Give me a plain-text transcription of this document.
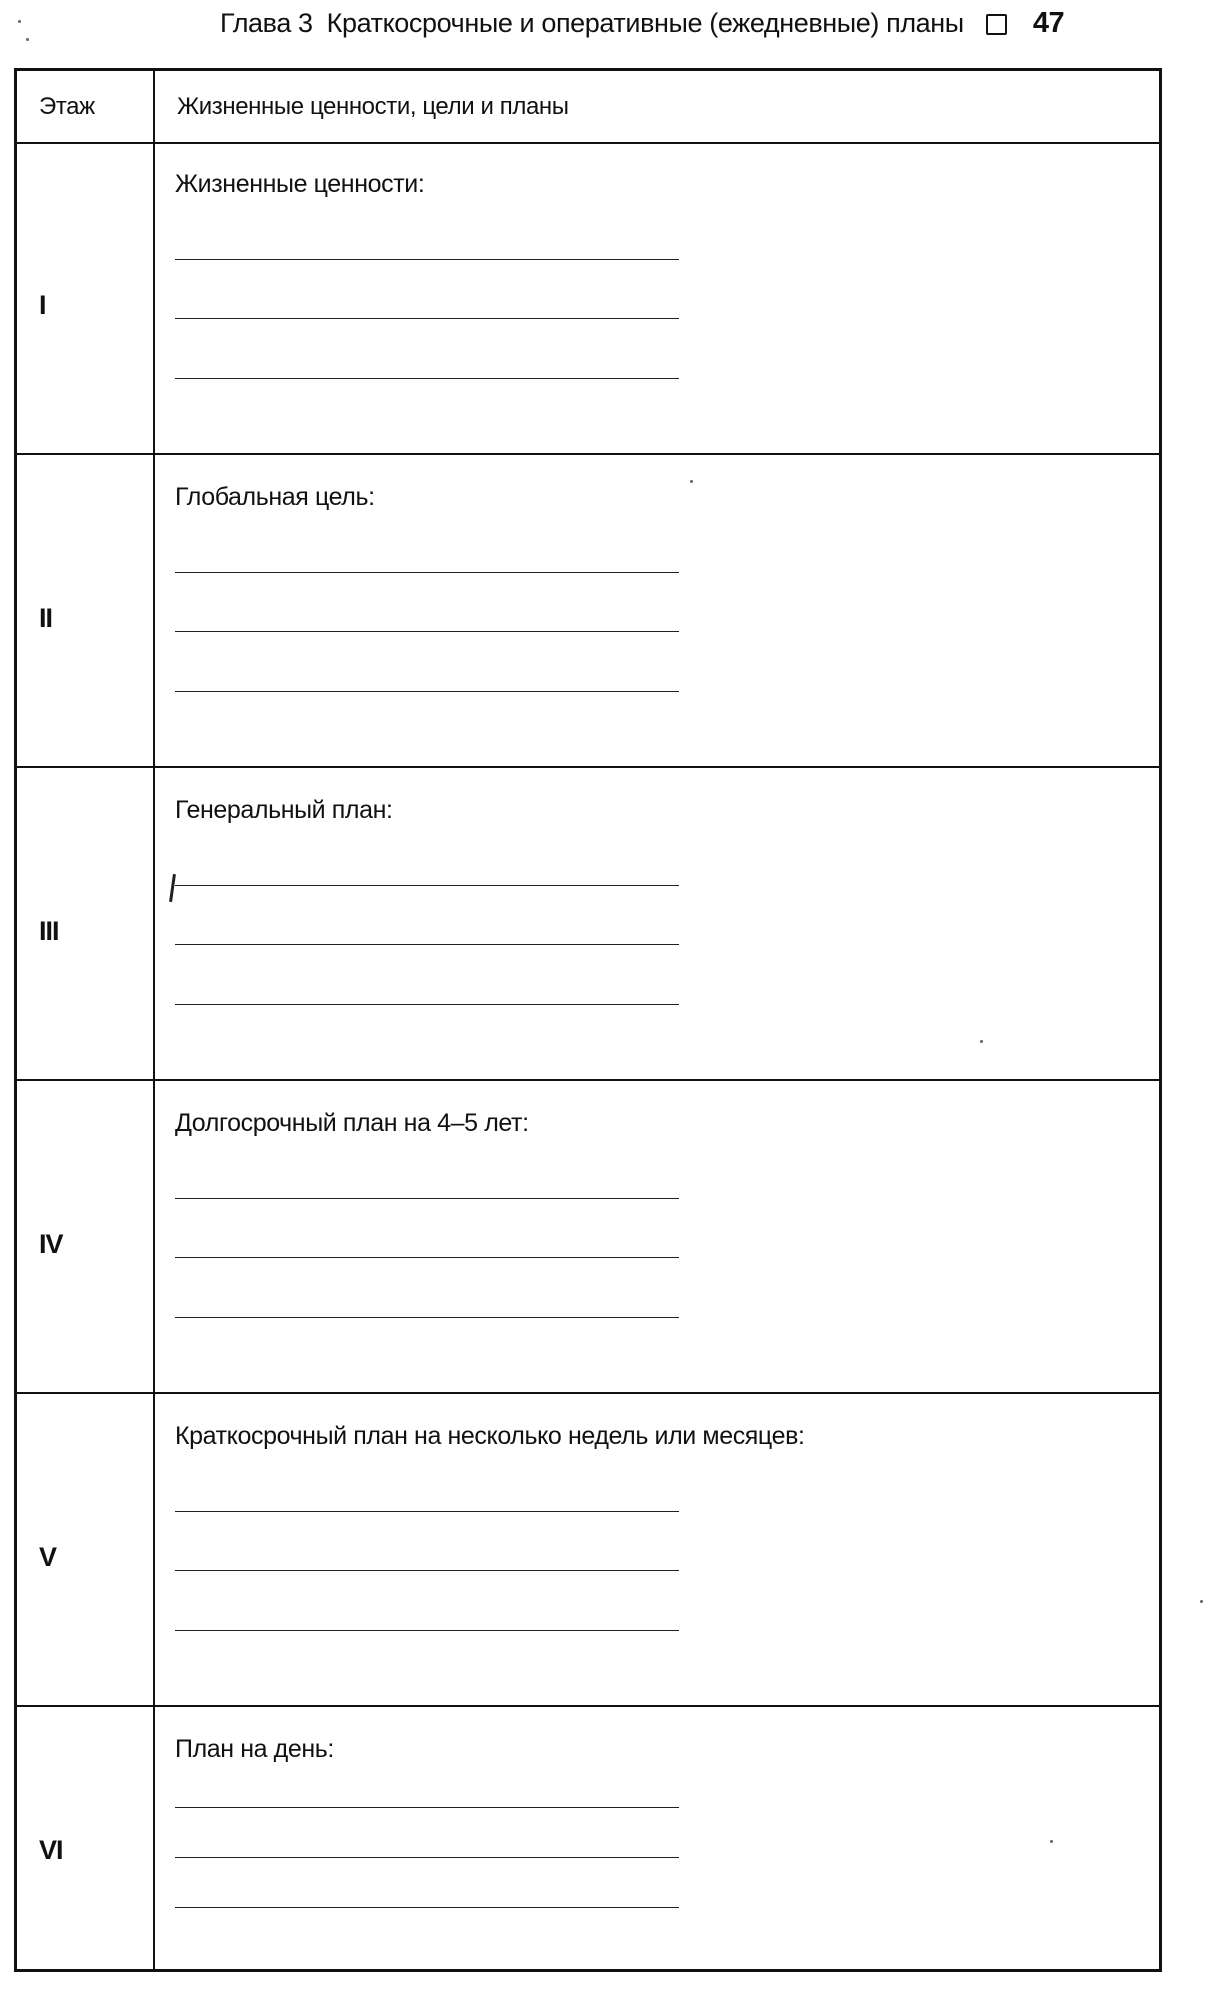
Глава 3 Краткосрочные и оперативные (ежедневные) планы 47
Этаж	Жизненные ценности, цели и планы
I
Жизненные ценности:
II
Глобальная цель:
III
Генеральный план:
IV
Долгосрочный план на 4–5 лет:
V
Краткосрочный план на несколько недель или месяцев:
VI
План на день:
